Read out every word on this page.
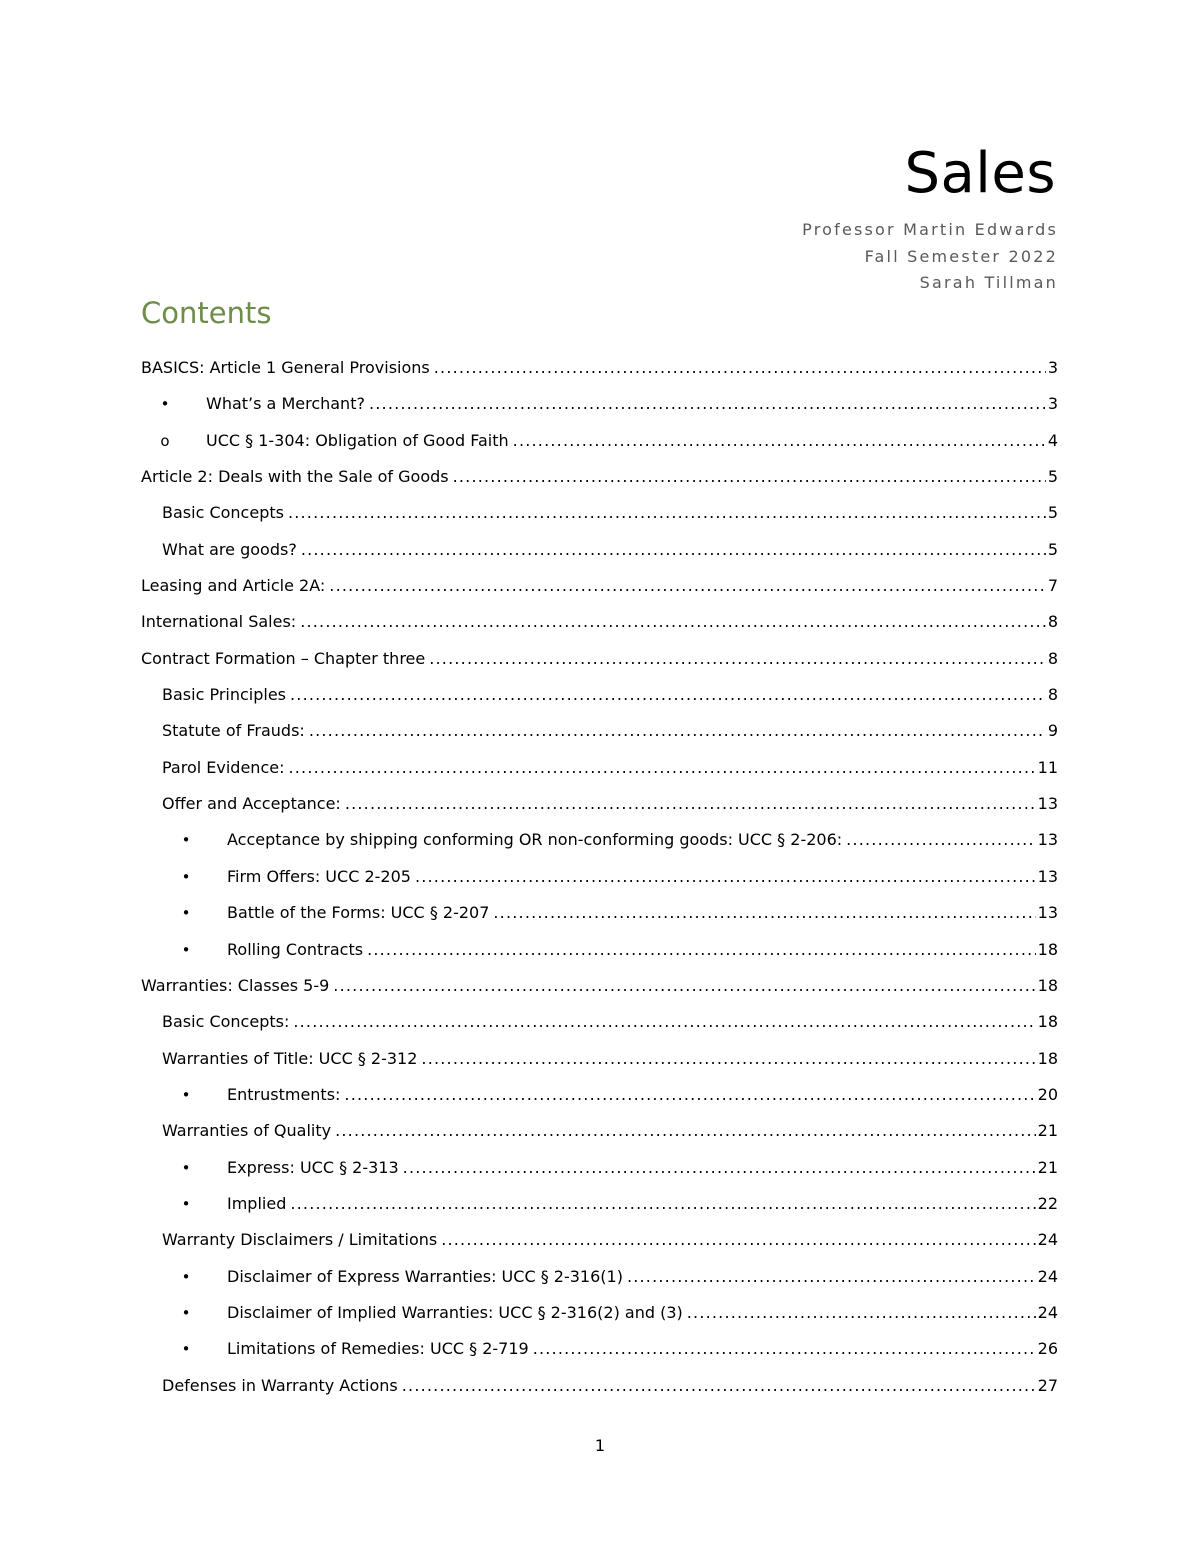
Sales
Professor Martin Edwards
Fall Semester 2022
Sarah Tillman
Contents
BASICS: Article 1 General Provisions .....	3
•	What’s a Merchant? .....	3
o	UCC § 1-304: Obligation of Good Faith .....	4
Article 2: Deals with the Sale of Goods .....	5
Basic Concepts .....	5
What are goods? .....	5
Leasing and Article 2A: .....	7
International Sales: .....	8
Contract Formation – Chapter three .....	8
Basic Principles .....	8
Statute of Frauds: .....	9
Parol Evidence: .....	11
Offer and Acceptance: .....	13
•	Acceptance by shipping conforming OR non-conforming goods: UCC § 2-206: .....	13
•	Firm Offers: UCC 2-205 .....	13
•	Battle of the Forms: UCC § 2-207 .....	13
•	Rolling Contracts .....	18
Warranties: Classes 5-9 .....	18
Basic Concepts: .....	18
Warranties of Title: UCC § 2-312 .....	18
•	Entrustments: .....	20
Warranties of Quality .....	21
•	Express: UCC § 2-313 .....	21
•	Implied .....	22
Warranty Disclaimers / Limitations .....	24
•	Disclaimer of Express Warranties: UCC § 2-316(1) .....	24
•	Disclaimer of Implied Warranties: UCC § 2-316(2) and (3) .....	24
•	Limitations of Remedies: UCC § 2-719 .....	26
Defenses in Warranty Actions .....	27
1
